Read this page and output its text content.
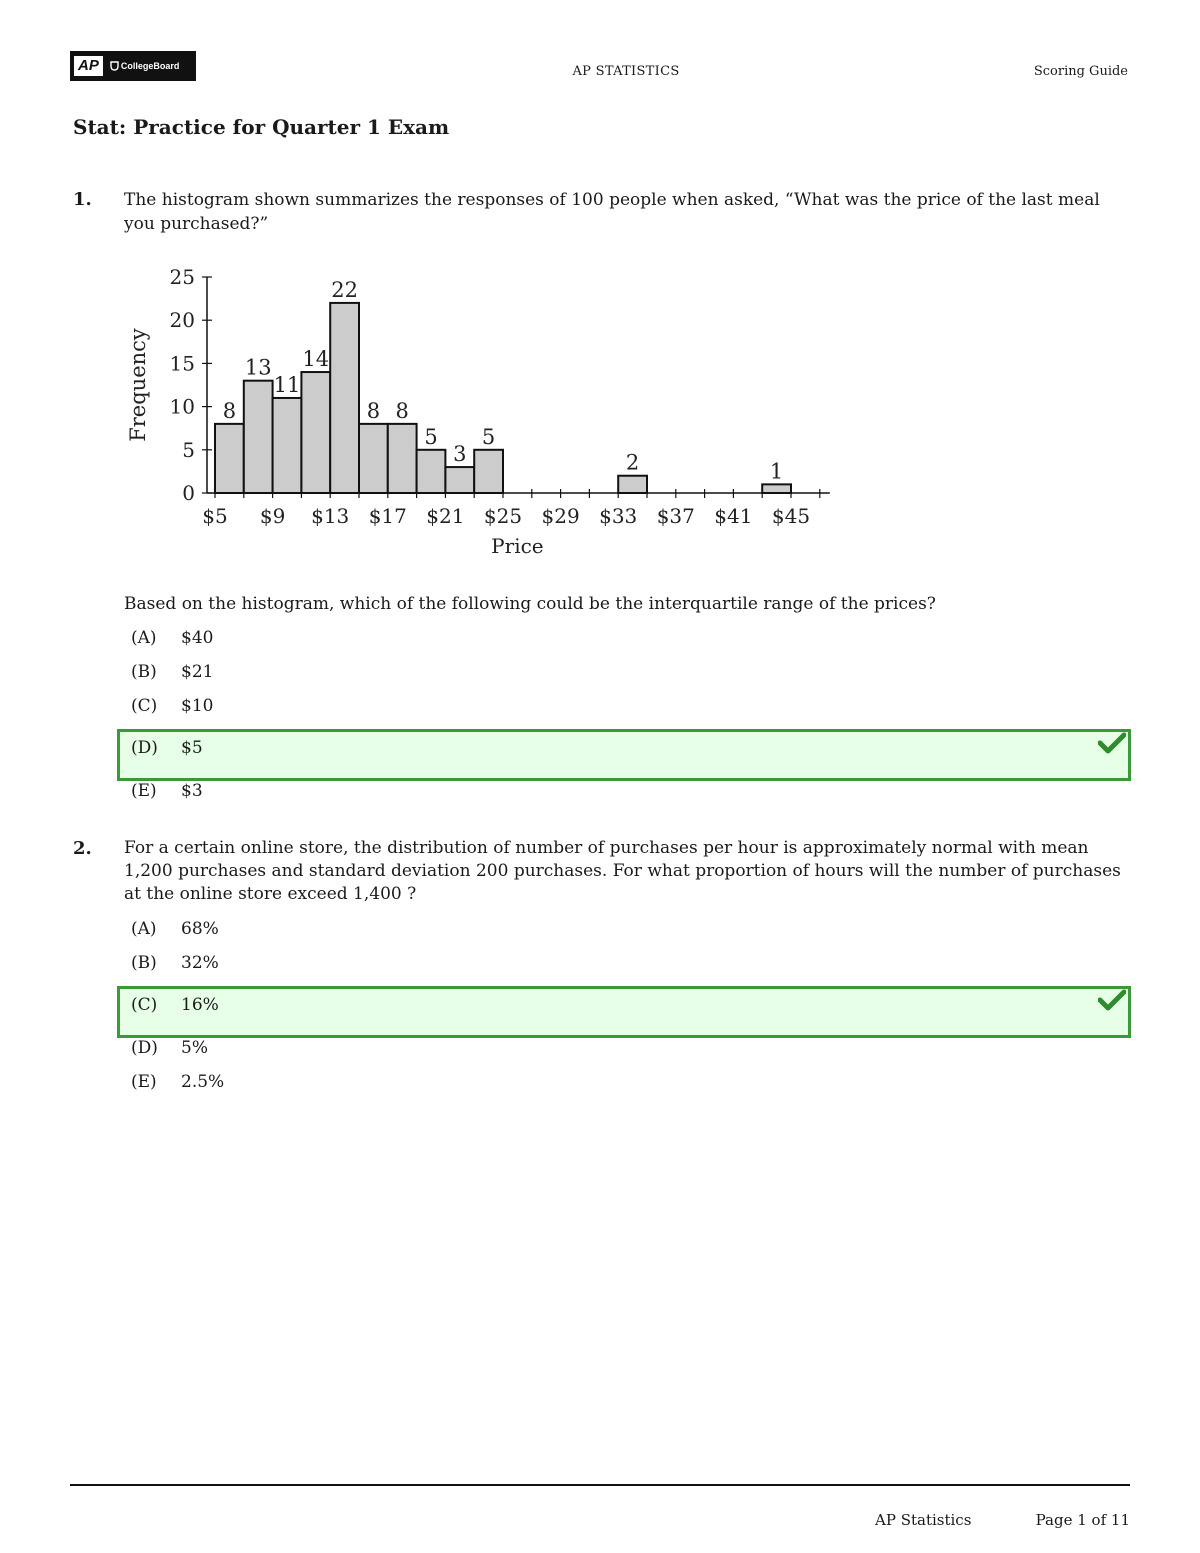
AP	CollegeBoard	AP STATISTICS	Scoring Guide
Stat: Practice for Quarter 1 Exam
1. The histogram shown summarizes the responses of 100 people when asked, “What was the price of the last meal you purchased?”
0
5
10
15
20
25
$5 $9 $13 $17 $21 $25 $29 $33 $37 $41 $45
8
13
11
14
22
8 8
5
3
5
2	1
Price
Frequency
Based on the histogram, which of the following could be the interquartile range of the prices?
(A)	$40
(B)	$21
(C)	$10
(D)	$5
(E)	$3
2. For a certain online store, the distribution of number of purchases per hour is approximately normal with mean 1,200 purchases and standard deviation 200 purchases. For what proportion of hours will the number of purchases at the online store exceed 1,400 ?
(A)	68%
(B)	32%
(C)	16%
(D)	5%
(E)	2.5%
AP Statistics	Page 1 of 11
